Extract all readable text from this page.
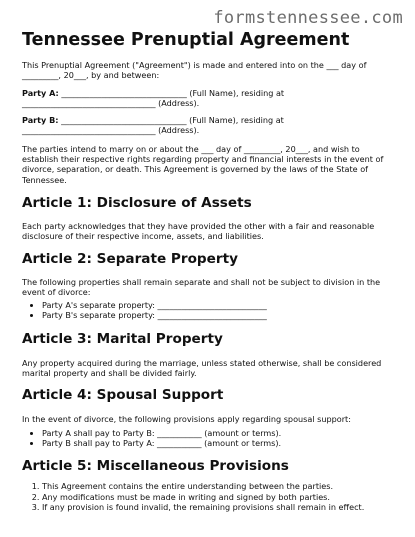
formstennessee.com
Tennessee Prenuptial Agreement

This Prenuptial Agreement ("Agreement") is made and entered into on the ___ day of
_________, 20___, by and between:

Party A: _______________________________ (Full Name), residing at
_________________________________ (Address).

Party B: _______________________________ (Full Name), residing at
_________________________________ (Address).

The parties intend to marry on or about the ___ day of _________, 20___, and wish to
establish their respective rights regarding property and financial interests in the event of
divorce, separation, or death. This Agreement is governed by the laws of the State of
Tennessee.

Article 1: Disclosure of Assets

Each party acknowledges that they have provided the other with a fair and reasonable
disclosure of their respective income, assets, and liabilities.

Article 2: Separate Property

The following properties shall remain separate and shall not be subject to division in the
event of divorce:

• Party A's separate property: ___________________________
• Party B's separate property: ___________________________
Article 3: Marital Property

Any property acquired during the marriage, unless stated otherwise, shall be considered
marital property and shall be divided fairly.

Article 4: Spousal Support

In the event of divorce, the following provisions apply regarding spousal support:

• Party A shall pay to Party B: ___________ (amount or terms).
• Party B shall pay to Party A: ___________ (amount or terms).
Article 5: Miscellaneous Provisions
1. This Agreement contains the entire understanding between the parties.
2. Any modifications must be made in writing and signed by both parties.
3. If any provision is found invalid, the remaining provisions shall remain in effect.
